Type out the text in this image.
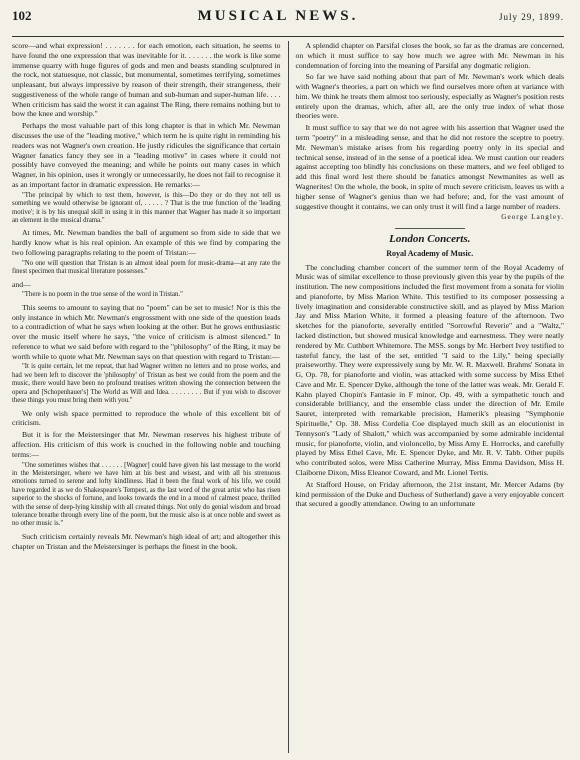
102	MUSICAL NEWS.	July 29, 1899.

score—and what expression! . . . . . . . for each emotion, each situation, he seems to have found the one expression that was inevitable for it. . . . . . . the work is like some immense quarry with huge figures of gods and men and beasts standing sculptured in the rock, not statuesque, not classic, but monumental, sometimes terrifying, sometimes unpleasant, but always impressive by reason of their strength, their strangeness, their suggestiveness of the whole range of human and sub-human and super-human life. . . . When criticism has said the worst it can against The Ring, there remains nothing but to bow the knee and worship."

Perhaps the most valuable part of this long chapter is that in which Mr. Newman discusses the use of the "leading motive," which term he is quite right in reminding his readers was not Wagner's own creation. He justly ridicules the significance that certain Wagner fanatics fancy they see in a "leading motive" in cases where it could not possibly have conveyed the meaning; and while he points out many cases in which Wagner, in his opinion, uses it wrongly or unnecessarily, he does not fail to recognise it as an important factor in dramatic expression. He remarks:—

"The principal by which to test them, however, is this—Do they or do they not tell us something we would otherwise be ignorant of, . . . . . ? That is the true function of the 'leading motive'; it is by his unequal skill in using it in this manner that Wagner has made it so important an element in the musical drama."

At times, Mr. Newman bandies the ball of argument so from side to side that we hardly know what is his real opinion. An example of this we find by comparing the two following paragraphs relating to the poem of Tristan:—

"No one will question that Tristan is an almost ideal poem for music-drama—at any rate the finest specimen that musical literature possesses."

and—

"There is no poem in the true sense of the word in Tristan."

This seems to amount to saying that no "poem" can be set to music! Nor is this the only instance in which Mr. Newman's engrossment with one side of the question leads to a contradiction of what he says when looking at the other. But he grows enthusiastic over the music itself where he says, "the voice of criticism is almost silenced." In reference to what we said before with regard to the "philosophy" of the Ring, it may be worth while to quote what Mr. Newman says on that question with regard to Tristan:—

"It is quite certain, let me repeat, that had Wagner written no letters and no prose works, and had we been left to discover the 'philosophy' of Tristan as best we could from the poem and the music, there would have been no profound treatises written showing the connection between the opera and [Schopenhauer's] The World as Will and Idea. . . . . . . . . But if you wish to discover these things you must bring them with you."

We only wish space permitted to reproduce the whole of this excellent bit of criticism.

But it is for the Meistersinger that Mr. Newman reserves his highest tribute of affection. His criticism of this work is couched in the following noble and touching terms:—

"One sometimes wishes that . . . . . . [Wagner] could have given his last message to the world in the Meistersinger, where we have him at his best and wisest, and with all his strenuous emotions turned to serene and lofty kindliness. Had it been the final work of his life, we could have regarded it as we do Shakespeare's Tempest, as the last word of the great artist who has risen superior to the shocks of fortune, and looks towards the end in a mood of calmest peace, thrilled with the sense of deep-lying kinship with all created things. Not only do genial wisdom and broad tolerance breathe through every line of the poem, but the music also is at once noble and sweet as no other music is."

Such criticism certainly reveals Mr. Newman's high ideal of art; and altogether this chapter on Tristan and the Meistersinger is perhaps the finest in the book.

A splendid chapter on Parsifal closes the book, so far as the dramas are concerned, on which it must suffice to say how much we agree with Mr. Newman in his condemnation of forcing into the meaning of Parsifal any dogmatic religion.

So far we have said nothing about that part of Mr. Newman's work which deals with Wagner's theories, a part on which we find ourselves more often at variance with him. We think he treats them almost too seriously, especially as Wagner's position rests entirely upon the dramas, which, after all, are the only true index of what those theories were.

It must suffice to say that we do not agree with his assertion that Wagner used the term "poetry" in a misleading sense, and that he did not restore the sceptre to poetry. Mr. Newman's mistake arises from his regarding poetry only in its special and technical sense, instead of in the sense of a poetical idea. We must caution our readers against accepting too blindly his conclusions on these matters, and we feel obliged to add this final word lest there should be fanatics amongst Newmanites as well as Wagnerites! On the whole, the book, in spite of much severe criticism, leaves us with a higher sense of Wagner's genius than we had before; and, for the vast amount of suggestive thought it contains, we can only trust it will find a large number of readers.

George Langley.
London Concerts.
Royal Academy of Music.

The concluding chamber concert of the summer term of the Royal Academy of Music was of similar excellence to those previously given this year by the pupils of the institution. The new compositions included the first movement from a sonata for violin and pianoforte, by Miss Marion White. This testified to its composer possessing a lively imagination and considerable constructive skill, and as played by Miss Marion Jay and Miss Marion White, it formed a pleasing feature of the afternoon. Two sketches for the pianoforte, severally entitled "Sorrowful Reverie" and a "Waltz," lacked distinction, but showed musical knowledge and earnestness. They were neatly rendered by Mr. Cuthbert Whitemore. The MSS. songs by Mr. Herbert Ivey testified to tasteful fancy, the last of the set, entitled "I said to the Lily," being specially praiseworthy. They were expressively sung by Mr. W. R. Maxwell. Brahms' Sonata in G, Op. 78, for pianoforte and violin, was attacked with some success by Miss Ethel Cave and Mr. E. Spencer Dyke, although the tone of the latter was weak. Mr. Gerald F. Kahn played Chopin's Fantasie in F minor, Op. 49, with a sympathetic touch and considerable brilliancy, and the ensemble class under the direction of Mr. Emile Sauret, interpreted with remarkable precision, Hamerik's pleasing "Symphonie Spirituelle," Op. 38. Miss Cordelia Coe displayed much skill as an elocutionist in Tennyson's "Lady of Shalott," which was accompanied by some admirable incidental music, for pianoforte, violin, and violoncello, by Miss Amy E. Horrocks, and carefully played by Miss Ethel Cave, Mr. E. Spencer Dyke, and Mr. R. V. Tabb. Other pupils who contributed solos, were Miss Catherine Murray, Miss Emma Davidson, Miss H. Claiborne Dixon, Miss Eleanor Coward, and Mr. Lionel Tertis.

At Stafford House, on Friday afternoon, the 21st instant, Mr. Mercer Adams (by kind permission of the Duke and Duchess of Sutherland) gave a very enjoyable concert that secured a goodly attendance. Owing to an unfortunate
